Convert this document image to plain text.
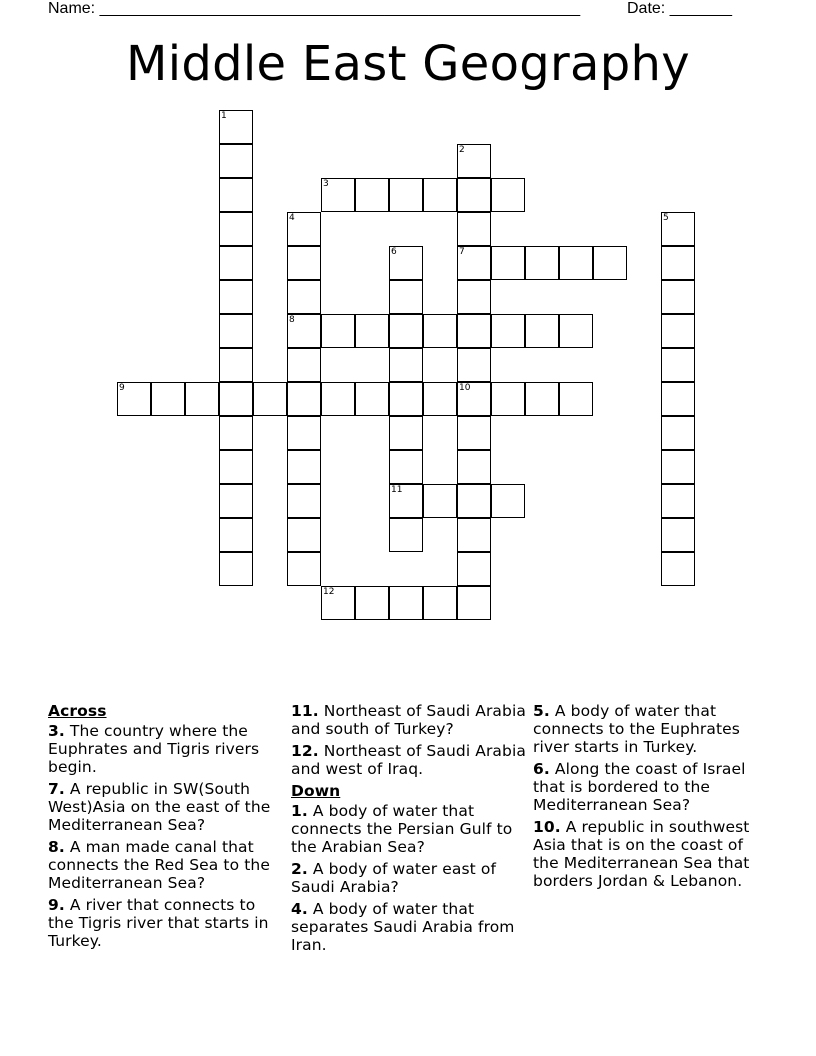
Name: ______________________________________________________	Date: _______
Middle East Geography
1
2
7
10
3
4
8
5
6
11
9
12
Across
3. The country where the Euphrates and Tigris rivers begin.
7. A republic in SW(South West)Asia on the east of the Mediterranean Sea?
8. A man made canal that connects the Red Sea to the Mediterranean Sea?
9. A river that connects to the Tigris river that starts in Turkey.
11. Northeast of Saudi Arabia and south of Turkey?
12. Northeast of Saudi Arabia and west of Iraq.
Down
1. A body of water that connects the Persian Gulf to the Arabian Sea?
2. A body of water east of Saudi Arabia?
4. A body of water that separates Saudi Arabia from Iran.
5. A body of water that connects to the Euphrates river starts in Turkey.
6. Along the coast of Israel that is bordered to the Mediterranean Sea?
10. A republic in southwest Asia that is on the coast of the Mediterranean Sea that borders Jordan & Lebanon.
